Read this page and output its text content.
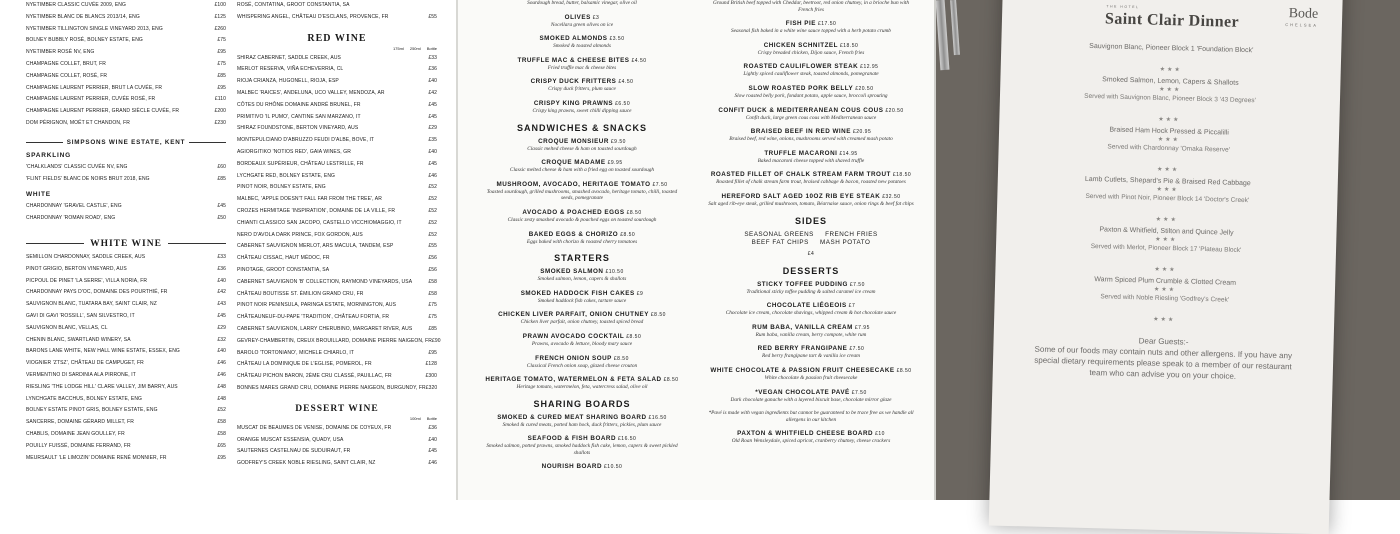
NYETIMBER CLASSIC CUVÉE 2009, ENG	£100
NYETIMBER BLANC DE BLANCS 2013/14, ENG	£125
NYETIMBER TILLINGTON SINGLE VINEYARD 2013, ENG	£260
BOLNEY BUBBLY ROSÉ, BOLNEY ESTATE, ENG	£75
NYETIMBER ROSÉ NV, ENG	£95
CHAMPAGNE COLLET, BRUT, FR	£75
CHAMPAGNE COLLET, ROSÉ, FR	£85
CHAMPAGNE LAURENT PERRIER, BRUT LA CUVÉE, FR	£95
CHAMPAGNE LAURENT PERRIER, CUVÉE ROSÉ, FR	£110
CHAMPAGNE LAURENT PERRIER, GRAND SIÈCLE CUVÉE, FR	£200
DOM PÉRIGNON, MOËT ET CHANDON, FR	£230
SIMPSONS WINE ESTATE, KENT
SPARKLING
'CHALKLANDS' CLASSIC CUVÉE NV, ENG	£60
'FLINT FIELDS' BLANC DE NOIRS BRUT 2018, ENG	£85
WHITE
CHARDONNAY 'GRAVEL CASTLE', ENG	£45
CHARDONNAY 'ROMAN ROAD', ENG	£50
WHITE WINE
SEMILLON CHARDONNAY, SADDLE CREEK, AUS	£33
PINOT GRIGIO, BERTON VINEYARD, AUS	£36
PICPOUL DE PINET 'LA SERRE', VILLA NORIA, FR	£40
CHARDONNAY PAYS D'OC, DOMAINE DES POURTHIÉ, FR	£42
SAUVIGNON BLANC, TUATARA BAY, SAINT CLAIR, NZ	£43
GAVI DI GAVI 'ROSSILL', SAN SILVESTRO, IT	£45
SAUVIGNON BLANC, VELLAS, CL	£29
CHENIN BLANC, SWARTLAND WINERY, SA	£32
BARONS LANE WHITE, NEW HALL WINE ESTATE, ESSEX, ENG	£40
VIOGNIER 'ZTSZ', CHÂTEAU DE CAMPUGET, FR	£46
VERMENTINO DI SARDINIA ALA PIRRONE, IT	£46
RIESLING 'THE LODGE HILL' CLARE VALLEY, JIM BARRY, AUS	£48
LYNCHGATE BACCHUS, BOLNEY ESTATE, ENG	£48
BOLNEY ESTATE PINOT GRIS, BOLNEY ESTATE, ENG	£52
SANCERRE, DOMAINE GÉRARD MILLET, FR	£58
CHABLIS, DOMAINE JEAN GOULLEY, FR	£58
POUILLY FUISSÉ, DOMAINE FERRAND, FR	£65
MEURSAULT 'LE LIMOZIN' DOMAINE RENÉ MONNIER, FR	£95
ROSÉ, CONTATINA, GROOT CONSTANTIA, SA
WHISPERING ANGEL, CHÂTEAU D'ESCLANS, PROVENCE, FR	£55
RED WINE
175ml 250ml Bottle
SHIRAZ CABERNET, SADDLE CREEK, AUS	£33
MERLOT RESERVA, VIÑA ECHEVERRIA, CL	£36
RIOJA CRIANZA, HUGONELL, RIOJA, ESP	£40
MALBEC 'RAICES', ANDELUNA, UCO VALLEY, MENDOZA, AR	£42
CÔTES DU RHÔNE DOMAINE ANDRÉ BRUNEL, FR	£45
PRIMITIVO 'IL PUMO', CANTINE SAN MARZANO, IT	£45
SHIRAZ FOUNDSTONE, BERTON VINEYARD, AUS	£29
MONTEPULCIANO D'ABRUZZO FEUDI D'ALBE, BOVE, IT	£35
AGIORGITIKO 'NOTIOS RED', GAIA WINES, GR	£40
BORDEAUX SUPÉRIEUR, CHÂTEAU LESTRILLE, FR	£45
LYCHGATE RED, BOLNEY ESTATE, ENG	£46
PINOT NOIR, BOLNEY ESTATE, ENG	£52
MALBEC, 'APPLE DOESN'T FALL FAR FROM THE TREE', AR	£52
CROZES HERMITAGE 'INSPIRATION', DOMAINE DE LA VILLE, FR	£52
CHIANTI CLASSICO SAN JACOPO, CASTELLO VICCHIOMAGGIO, IT	£52
NERO D'AVOLA DARK PRINCE, FOX GORDON, AUS	£52
CABERNET SAUVIGNON MERLOT, ARS MACULA, TANDEM, ESP	£55
CHÂTEAU CISSAC, HAUT MÉDOC, FR	£56
PINOTAGE, GROOT CONSTANTIA, SA	£56
CABERNET SAUVIGNON 'B' COLLECTION, RAYMOND VINEYARDS, USA	£58
CHÂTEAU BOUTISSE ST. ÉMILION GRAND CRU, FR	£58
PINOT NOIR PENINSULA, PARINGA ESTATE, MORNINGTON, AUS	£75
CHÂTEAUNEUF-DU-PAPE 'TRADITION', CHÂTEAU FORTIA, FR	£75
CABERNET SAUVIGNON, LARRY CHERUBINO, MARGARET RIVER, AUS	£85
GEVREY-CHAMBERTIN, CREUX BROUILLARD, DOMAINE PIERRE NAIGEON, FR £90
BAROLO 'TORTONIANO', MICHELE CHIARLO, IT	£95
CHÂTEAU LA DOMINIQUE DE L'EGLISE, POMEROL, FR	£128
CHÂTEAU PICHON BARON, 2ÈME CRU CLASSÉ, PAUILLAC, FR	£300
BONNES MARES GRAND CRU, DOMAINE PIERRE NAIGEON, BURGUNDY, FR £320
DESSERT WINE
100ml Bottle
MUSCAT DE BEAUMES DE VENISE, DOMAINE DE COYEUX, FR	£36
ORANGE MUSCAT ESSENSIA, QUADY, USA	£40
SAUTERNES CASTELNAU DE SUDUIRAUT, FR	£45
GODFREY'S CREEK NOBLE RIESLING, SAINT CLAIR, NZ	£46
Sourdough bread, butter, balsamic vinegar, olive oil
OLIVES £3
Nocellara green olives on ice
SMOKED ALMONDS £3.50
Smoked & toasted almonds
TRUFFLE MAC & CHEESE BITES £4.50
Fried truffle mac & cheese bites
CRISPY DUCK FRITTERS £4.50
Crispy duck fritters, plum sauce
CRISPY KING PRAWNS £6.50
Crispy king prawns, sweet chilli dipping sauce
SANDWICHES & SNACKS
CROQUE MONSIEUR £9.50
Classic melted cheese & ham on toasted sourdough
CROQUE MADAME £9.95
Classic melted cheese & ham with a fried egg on toasted sourdough
MUSHROOM, AVOCADO, HERITAGE TOMATO £7.50
Toasted sourdough, grilled mushrooms, smashed avocado, heritage tomato, chilli, toasted seeds, pomegranate
AVOCADO & POACHED EGGS £8.50
Classic zesty smashed avocado & poached eggs on toasted sourdough
BAKED EGGS & CHORIZO £8.50
Eggs baked with chorizo & roasted cherry tomatoes
STARTERS
SMOKED SALMON £10.50
Smoked salmon, lemon, capers & shallots
SMOKED HADDOCK FISH CAKES £9
Smoked haddock fish cakes, tartare sauce
CHICKEN LIVER PARFAIT, ONION CHUTNEY £8.50
Chicken liver parfait, onion chutney, toasted spiced bread
PRAWN AVOCADO COCKTAIL £8.50
Prawns, avocado & lettuce, bloody mary sauce
FRENCH ONION SOUP £8.50
Classical French onion soup, glazed cheese crouton
HERITAGE TOMATO, WATERMELON & FETA SALAD £8.50
Heritage tomato, watermelon, feta, watercress salad, olive oil
SHARING BOARDS
SMOKED & CURED MEAT SHARING BOARD £16.50
Smoked & cured meats, potted ham hock, duck fritters, pickles, plum sauce
SEAFOOD & FISH BOARD £16.50
Smoked salmon, potted prawns, smoked haddock fish cake, lemon, capers & sweet pickled shallots
NOURISH BOARD £10.50
Ground British beef topped with Cheddar, beetroot, red onion chutney, in a brioche bun with French fries
FISH PIE £17.50
Seasonal fish baked in a white wine sauce topped with a herb potato crumb
CHICKEN SCHNITZEL £18.50
Crispy breaded chicken, Dijon sauce, French fries
ROASTED CAULIFLOWER STEAK £12.95
Lightly spiced cauliflower steak, toasted almonds, pomegranate
SLOW ROASTED PORK BELLY £20.50
Slow roasted belly pork, fondant potato, apple sauce, broccoli sprouting
CONFIT DUCK & MEDITERRANEAN COUS COUS £20.50
Confit duck, large green cous cous with Mediterranean sauce
BRAISED BEEF IN RED WINE £20.95
Braised beef, red wine, onions, mushrooms served with creamed mash potato
TRUFFLE MACARONI £14.95
Baked macaroni cheese topped with shaved truffle
ROASTED FILLET OF CHALK STREAM FARM TROUT £18.50
Roasted fillet of chalk stream farm trout, braised cabbage & bacon, roasted new potatoes
HEREFORD SALT AGED 10OZ RIB EYE STEAK £32.50
Salt aged rib-eye steak, grilled mushroom, tomato, Béarnaise sauce, onion rings & beef fat chips
SIDES
SEASONAL GREENS     FRENCH FRIES
BEEF FAT CHIPS     MASH POTATO
£4
DESSERTS
STICKY TOFFEE PUDDING £7.50
Traditional sticky toffee pudding & salted caramel ice cream
CHOCOLATE LIÉGEOIS £7
Chocolate ice cream, chocolate shavings, whipped cream & hot chocolate sauce
RUM BABA, VANILLA CREAM £7.95
Rum baba, vanilla cream, berry compote, white rum
RED BERRY FRANGIPANE £7.50
Red berry frangipane tart & vanilla ice cream
WHITE CHOCOLATE & PASSION FRUIT CHEESECAKE £8.50
White chocolate & passion fruit cheesecake
*VEGAN CHOCOLATE PAVÉ £7.50
Dark chocolate ganache with a layered biscuit base, chocolate mirror glaze
*Pavé is made with vegan ingredients but cannot be guaranteed to be trace free as we handle all allergens in our kitchen
PAXTON & WHITFIELD CHEESE BOARD £10
Old Roan Wensleydale, spiced apricot, cranberry chutney, cheese crackers
Bode
CHELSEA
THE HOTEL
Saint Clair Dinner
Sauvignon Blanc, Pioneer Block 1 'Foundation Block'
★★★
Smoked Salmon, Lemon, Capers & Shallots
★★★
Served with Sauvignon Blanc, Pioneer Block 3 '43 Degrees'
★★★
Braised Ham Hock Pressed & Piccalilli
★★★
Served with Chardonnay 'Omaka Reserve'
★★★
Lamb Cutlets, Shepard's Pie & Braised Red Cabbage
★★★
Served with Pinot Noir, Pioneer Block 14 'Doctor's Creek'
★★★
Paxton & Whitfield, Stilton and Quince Jelly
★★★
Served with Merlot, Pioneer Block 17 'Plateau Block'
★★★
Warm Spiced Plum Crumble & Clotted Cream
★★★
Served with Noble Riesling 'Godfrey's Creek'
★★★
Dear Guests:-
Some of our foods may contain nuts and other allergens. If you have any special dietary requirements please speak to a member of our restaurant team who can advise you on your choice.
